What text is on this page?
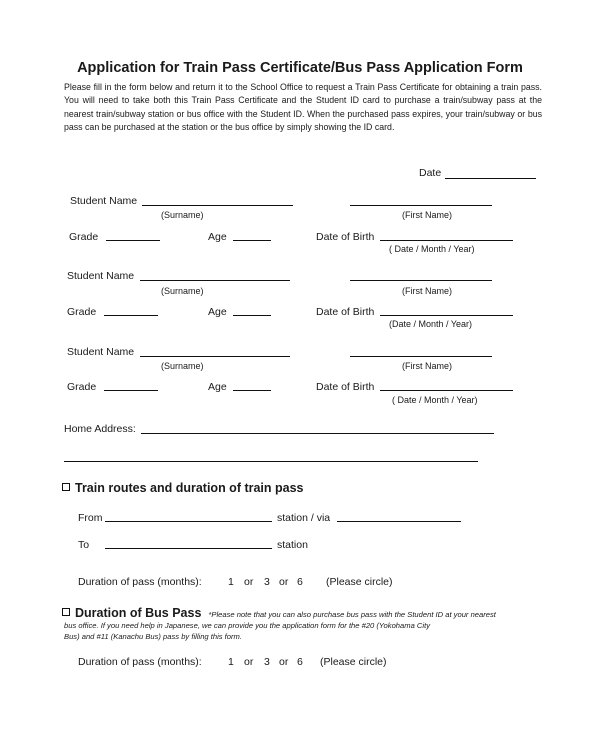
Application for Train Pass Certificate/Bus Pass Application Form
Please fill in the form below and return it to the School Office to request a Train Pass Certificate for obtaining a train pass. You will need to take both this Train Pass Certificate and the Student ID card to purchase a train/subway pass at the nearest train/subway station or bus office with the Student ID. When the purchased pass expires, your train/subway or bus pass can be purchased at the station or the bus office by simply showing the ID card.
Date
Student Name
(Surname)	(First Name)
Grade	Age	Date of Birth
( Date / Month / Year)
Student Name
(Surname)	(First Name)
Grade	Age	Date of Birth
(Date / Month / Year)
Student Name
(Surname)	(First Name)
Grade	Age	Date of Birth
( Date / Month / Year)
Home Address:
Train routes and duration of train pass
From	station / via
To	station
Duration of pass (months):	1 or 3 or 6 (Please circle)
Duration of Bus Pass *Please note that you can also purchase bus pass with the Student ID at your nearest
bus office. If you need help in Japanese, we can provide you the application form for the #20 (Yokohama City
Bus) and #11 (Kanachu Bus) pass by filling this form.
Duration of pass (months):	1 or 3 or 6 (Please circle)
